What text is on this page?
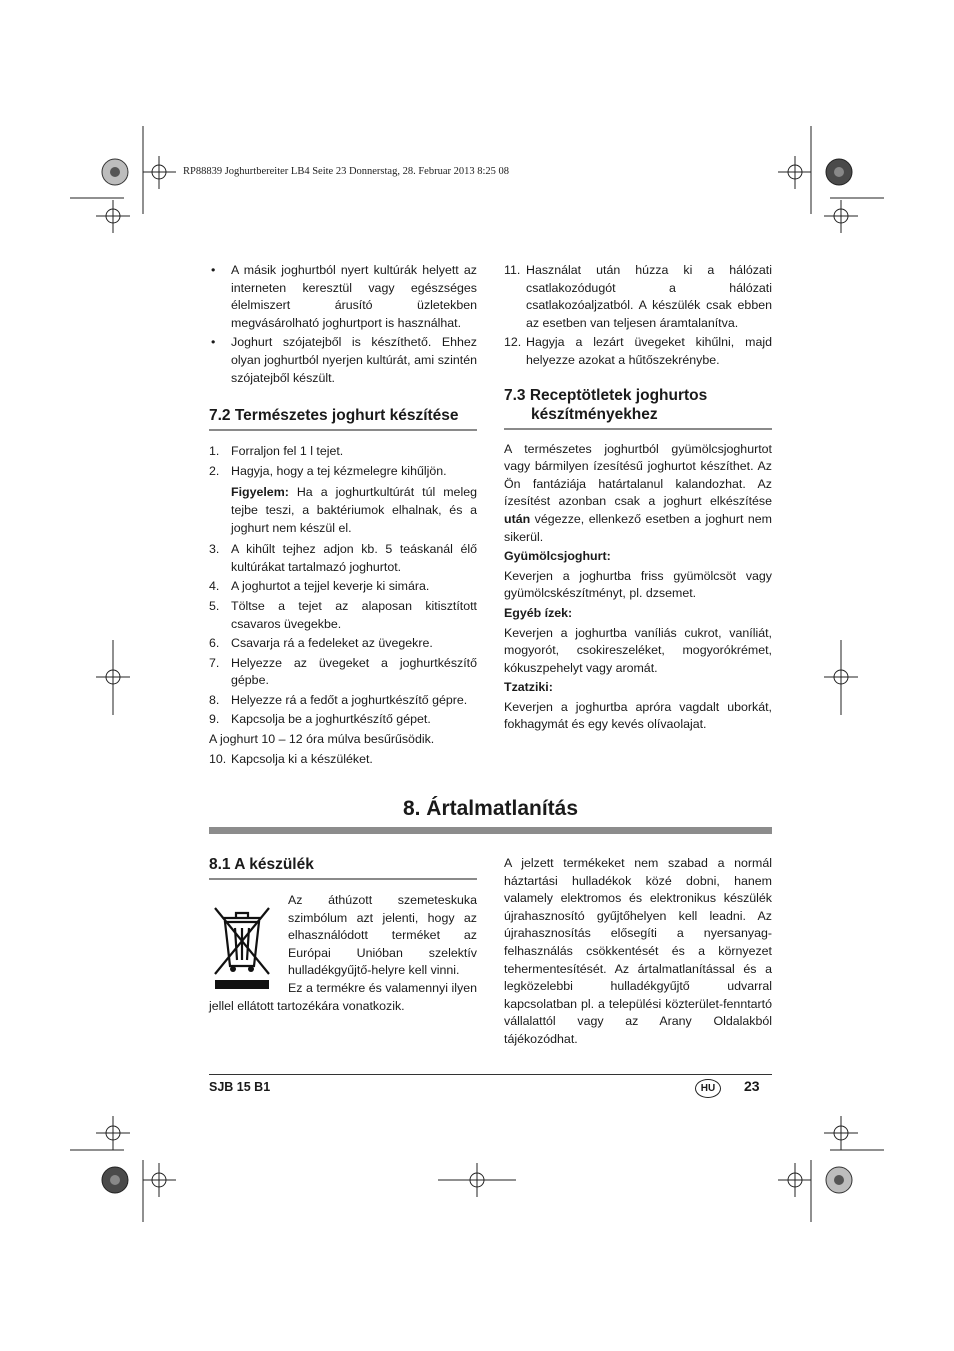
RP88839 Joghurtbereiter LB4 Seite 23 Donnerstag, 28. Februar 2013 8:25 08
• A másik joghurtból nyert kultúrák helyett az interneten keresztül vagy egészséges élelmiszert árusító üzletekben megvásárolható joghurtport is használhat.
• Joghurt szójatejből is készíthető. Ehhez olyan joghurtból nyerjen kultúrát, ami szintén szójatejből készült.
7.2 Természetes joghurt készítése
1. Forraljon fel 1 l tejet.
2. Hagyja, hogy a tej kézmelegre kihűljön.
Figyelem: Ha a joghurtkultúrát túl meleg tejbe teszi, a baktériumok elhalnak, és a joghurt nem készül el.
3. A kihűlt tejhez adjon kb. 5 teáskanál élő kultúrákat tartalmazó joghurtot.
4. A joghurtot a tejjel keverje ki simára.
5. Töltse a tejet az alaposan kitisztított csavaros üvegekbe.
6. Csavarja rá a fedeleket az üvegekre.
7. Helyezze az üvegeket a joghurtkészítő gépbe.
8. Helyezze rá a fedőt a joghurtkészítő gépre.
9. Kapcsolja be a joghurtkészítő gépet.

A joghurt 10 – 12 óra múlva besűrűsödik.

10. Kapcsolja ki a készüléket.
11. Használat után húzza ki a hálózati csatlakozódugót a hálózati csatlakozóaljzatból. A készülék csak ebben az esetben van teljesen áramtalanítva.
12. Hagyja a lezárt üvegeket kihűlni, majd helyezze azokat a hűtőszekrénybe.
7.3 Receptötletek joghurtos
készítményekhez

A természetes joghurtból gyümölcsjoghurtot vagy bármilyen ízesítésű joghurtot készíthet. Az Ön fantáziája határtalanul kalandozhat. Az ízesítést azonban csak a joghurt elkészítése után végezze, ellenkező esetben a joghurt nem sikerül.

Gyümölcsjoghurt:

Keverjen a joghurtba friss gyümölcsöt vagy gyümölcskészítményt, pl. dzsemet.

Egyéb ízek:

Keverjen a joghurtba vaníliás cukrot, vaníliát, mogyorót, csokireszeléket, mogyorókrémet, kókuszpehelyt vagy aromát.

Tzatziki:

Keverjen a joghurtba apróra vagdalt uborkát, fokhagymát és egy kevés olívaolajat.

8. Ártalmatlanítás
8.1 A készülék

Az áthúzott szemeteskuka szimbólum azt jelenti, hogy az elhasználódott terméket az Európai Unióban szelektív hulladékgyűjtő-helyre kell vinni.

Ez a termékre és valamennyi ilyen jellel ellátott tartozékára vonatkozik.

A jelzett termékeket nem szabad a normál háztartási hulladékok közé dobni, hanem valamely elektromos és elektronikus készülék újrahasznosító gyűjtőhelyen kell leadni. Az újrahasznosítás elősegíti a nyersanyag-felhasználás csökkentését és a környezet tehermentesítését. Az ártalmatlanítással és a legközelebbi hulladékgyűjtő udvarral kapcsolatban pl. a települési közterület-fenntartó vállalattól vagy az Arany Oldalakból tájékozódhat.

SJB 15 B1	HU	23
